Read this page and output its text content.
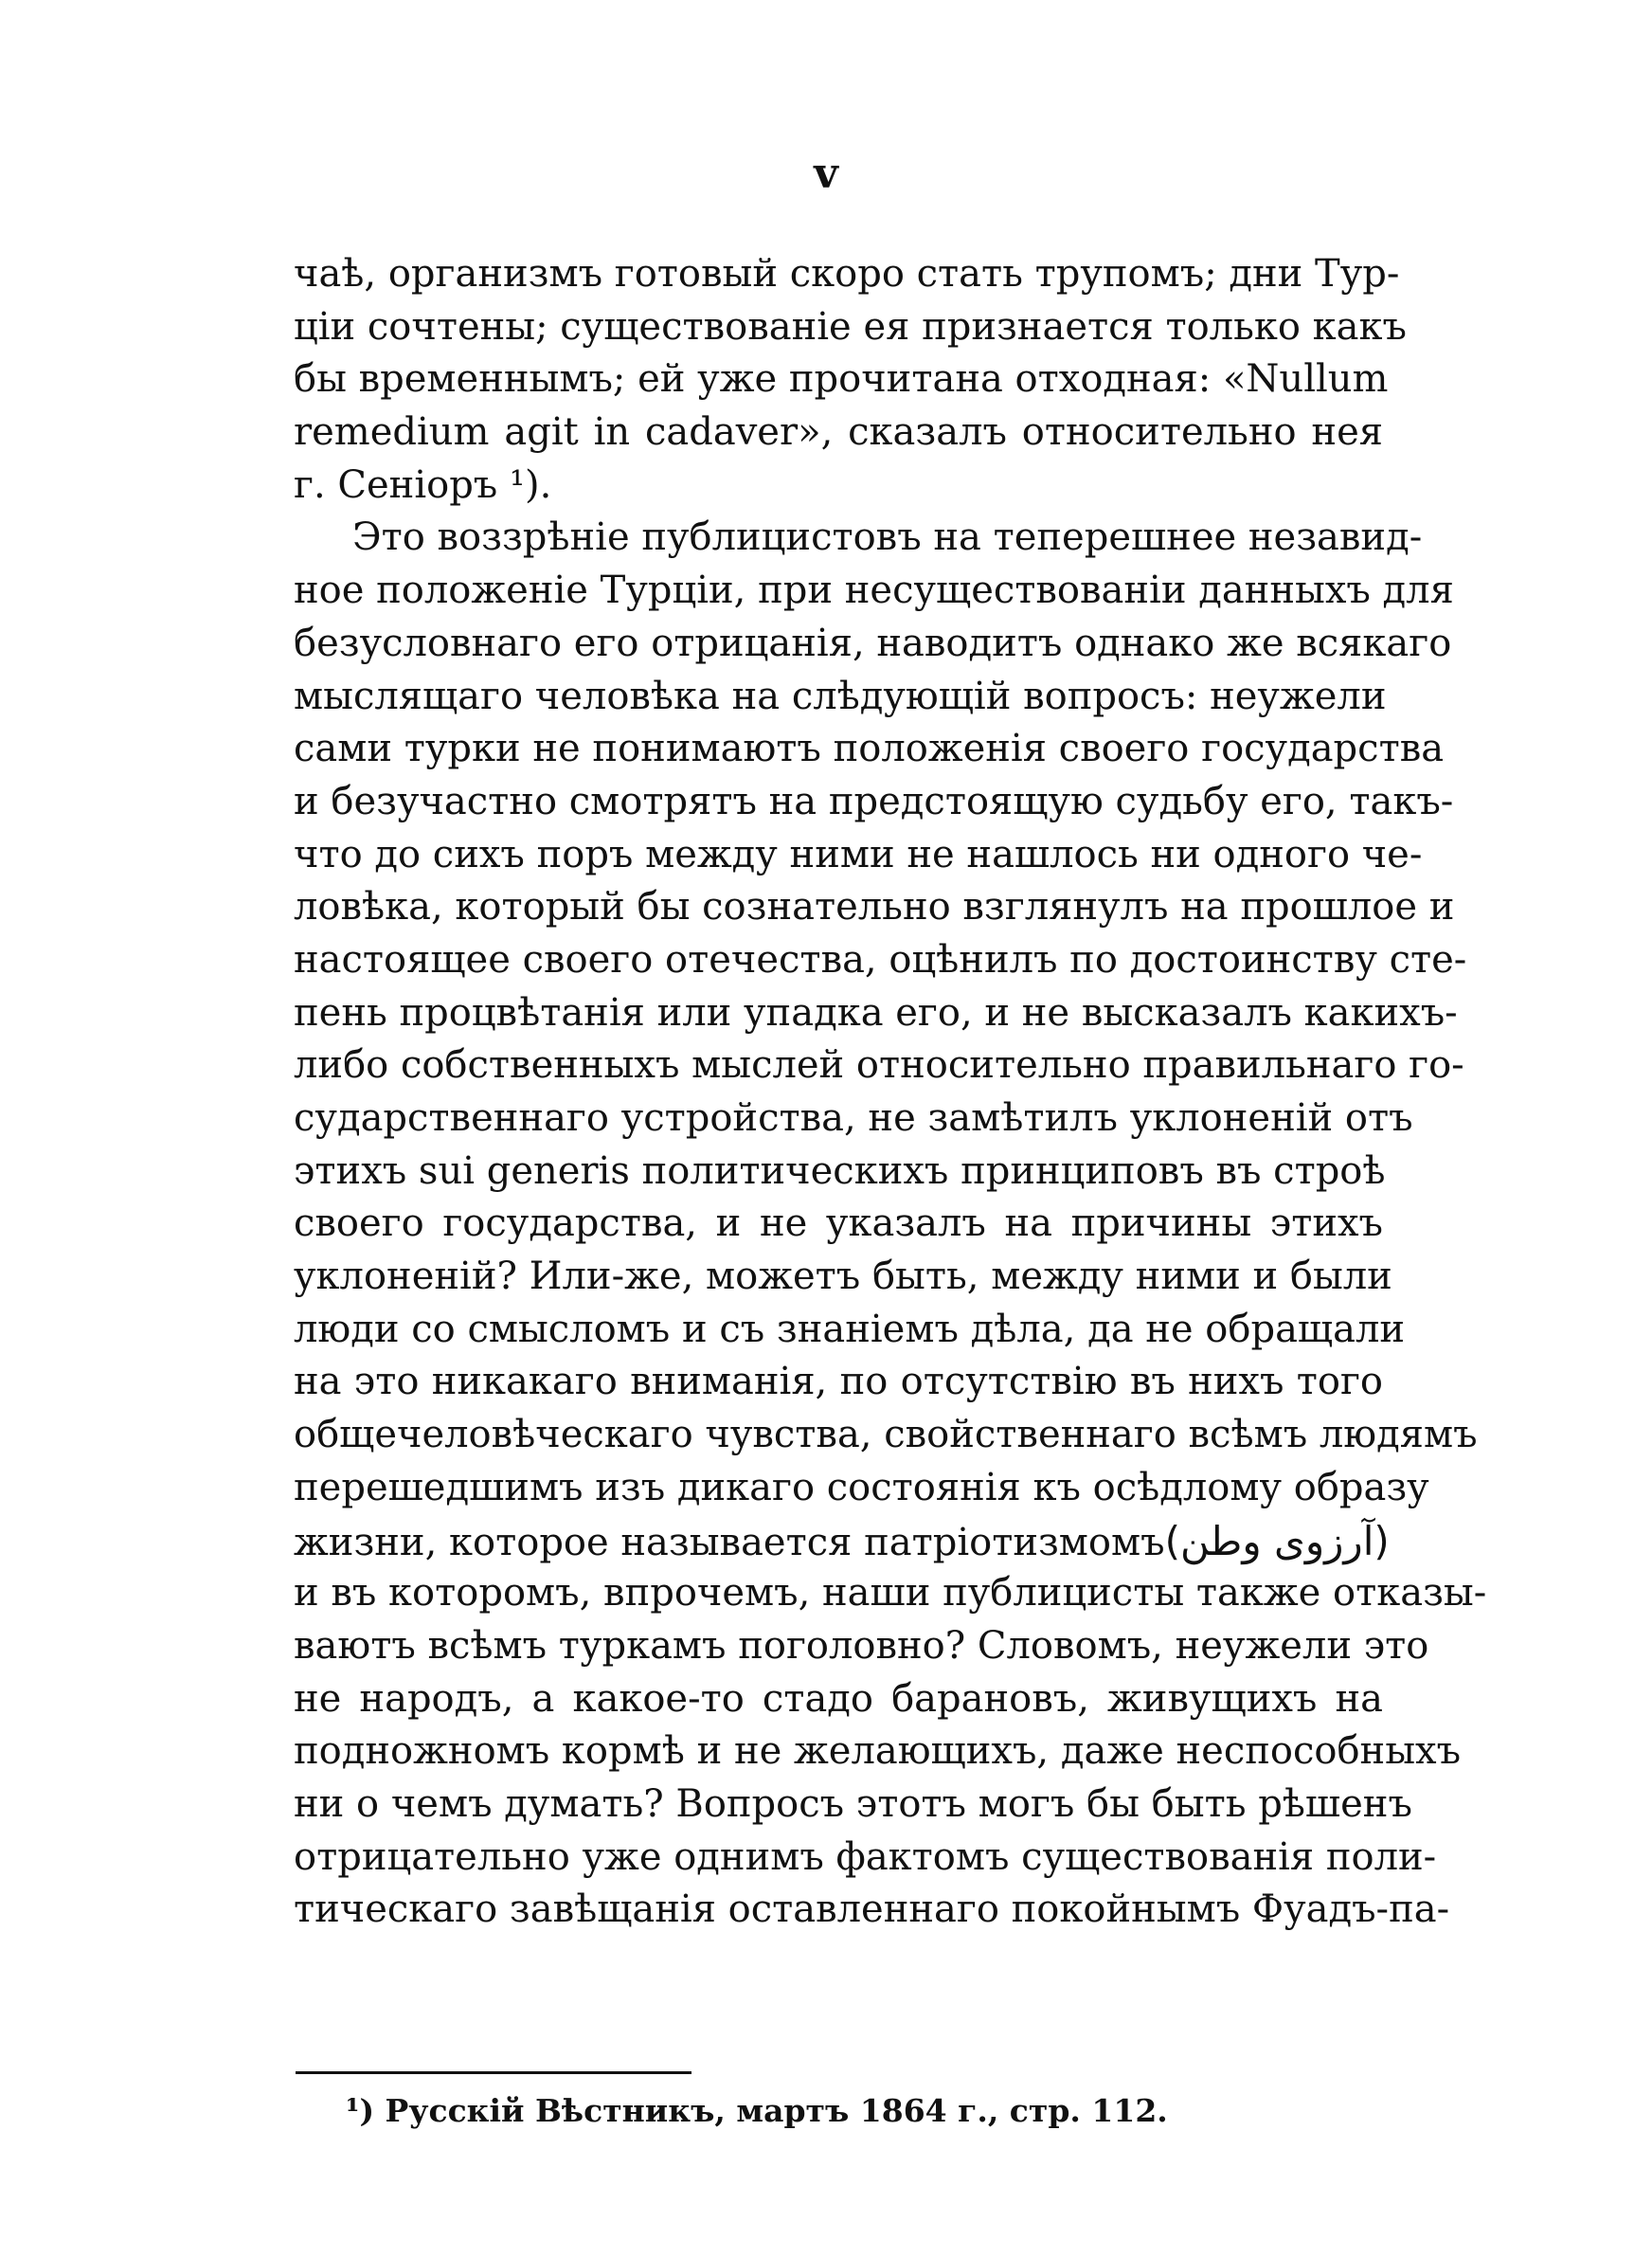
v
чаѣ, организмъ готовый скоро стать трупомъ; дни Тур-
ціи сочтены; существованіе ея признается только какъ
бы временнымъ; ей уже прочитана отходная: «Nullum
remedium agit in cadaver», сказалъ относительно нея
г. Сеніоръ ¹).
Это воззрѣніе публицистовъ на теперешнее незавид-
ное положеніе Турціи, при несуществованіи данныхъ для
безусловнаго его отрицанія, наводитъ однако же всякаго
мыслящаго человѣка на слѣдующій вопросъ: неужели
сами турки не понимаютъ положенія своего государства
и безучастно смотрятъ на предстоящую судьбу его, такъ-
что до сихъ поръ между ними не нашлось ни одного че-
ловѣка, который бы сознательно взглянулъ на прошлое и
настоящее своего отечества, оцѣнилъ по достоинству сте-
пень процвѣтанія или упадка его, и не высказалъ какихъ-
либо собственныхъ мыслей относительно правильнаго го-
сударственнаго устройства, не замѣтилъ уклоненій отъ
этихъ sui generis политическихъ принциповъ въ строѣ
своего государства, и не указалъ на причины этихъ
уклоненій? Или-же, можетъ быть, между ними и были
люди со смысломъ и съ знаніемъ дѣла, да не обращали
на это никакаго вниманія, по отсутствію въ нихъ того
общечеловѣческаго чувства, свойственнаго всѣмъ людямъ
перешедшимъ изъ дикаго состоянія къ осѣдлому образу
жизни, которое называется патріотизмомъ (آرزوی وطن)
и въ которомъ, впрочемъ, наши публицисты также отказы-
ваютъ всѣмъ туркамъ поголовно? Словомъ, неужели это
не народъ, а какое-то стадо барановъ, живущихъ на
подножномъ кормѣ и не желающихъ, даже неспособныхъ
ни о чемъ думать? Вопросъ этотъ могъ бы быть рѣшенъ
отрицательно уже однимъ фактомъ существованія поли-
тическаго завѣщанія оставленнаго покойнымъ Фуадъ-па-
¹) Русскій Вѣстникъ, мартъ 1864 г., стр. 112.
